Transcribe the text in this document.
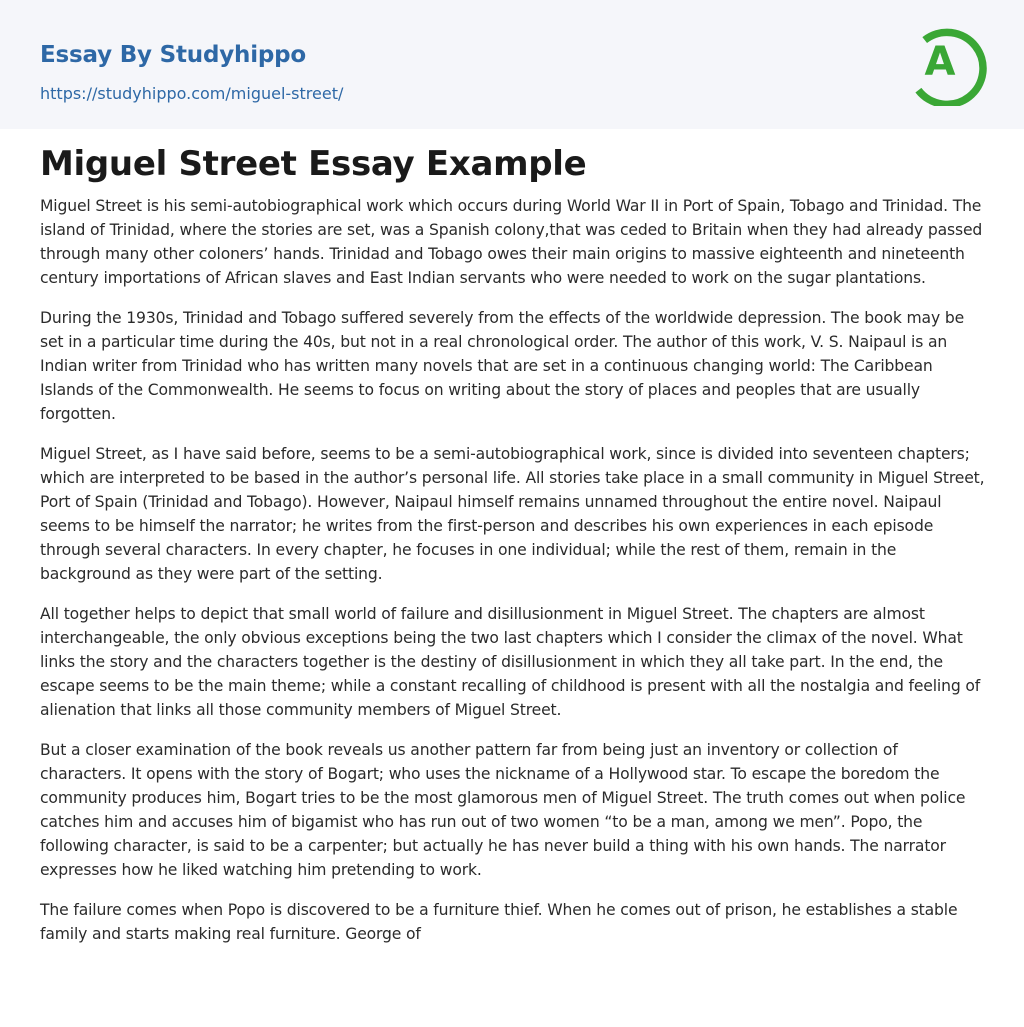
Essay By Studyhippo
https://studyhippo.com/miguel-street/
A
Miguel Street Essay Example

Miguel Street is his semi-autobiographical work which occurs during World War II in Port of Spain, Tobago and Trinidad. The island of Trinidad, where the stories are set, was a Spanish colony,that was ceded to Britain when they had already passed through many other coloners’ hands. Trinidad and Tobago owes their main origins to massive eighteenth and nineteenth century importations of African slaves and East Indian servants who were needed to work on the sugar plantations.

During the 1930s, Trinidad and Tobago suffered severely from the effects of the worldwide depression. The book may be set in a particular time during the 40s, but not in a real chronological order. The author of this work, V. S. Naipaul is an Indian writer from Trinidad who has written many novels that are set in a continuous changing world: The Caribbean Islands of the Commonwealth. He seems to focus on writing about the story of places and peoples that are usually forgotten.

Miguel Street, as I have said before, seems to be a semi-autobiographical work, since is divided into seventeen chapters; which are interpreted to be based in the author’s personal life. All stories take place in a small community in Miguel Street, Port of Spain (Trinidad and Tobago). However, Naipaul himself remains unnamed throughout the entire novel. Naipaul seems to be himself the narrator; he writes from the first-person and describes his own experiences in each episode through several characters. In every chapter, he focuses in one individual; while the rest of them, remain in the background as they were part of the setting.

All together helps to depict that small world of failure and disillusionment in Miguel Street. The chapters are almost interchangeable, the only obvious exceptions being the two last chapters which I consider the climax of the novel. What links the story and the characters together is the destiny of disillusionment in which they all take part. In the end, the escape seems to be the main theme; while a constant recalling of childhood is present with all the nostalgia and feeling of alienation that links all those community members of Miguel Street.

But a closer examination of the book reveals us another pattern far from being just an inventory or collection of characters. It opens with the story of Bogart; who uses the nickname of a Hollywood star. To escape the boredom the community produces him, Bogart tries to be the most glamorous men of Miguel Street. The truth comes out when police catches him and accuses him of bigamist who has run out of two women “to be a man, among we men”. Popo, the following character, is said to be a carpenter; but actually he has never build a thing with his own hands. The narrator expresses how he liked watching him pretending to work.

The failure comes when Popo is discovered to be a furniture thief. When he comes out of prison, he establishes a stable family and starts making real furniture. George of
